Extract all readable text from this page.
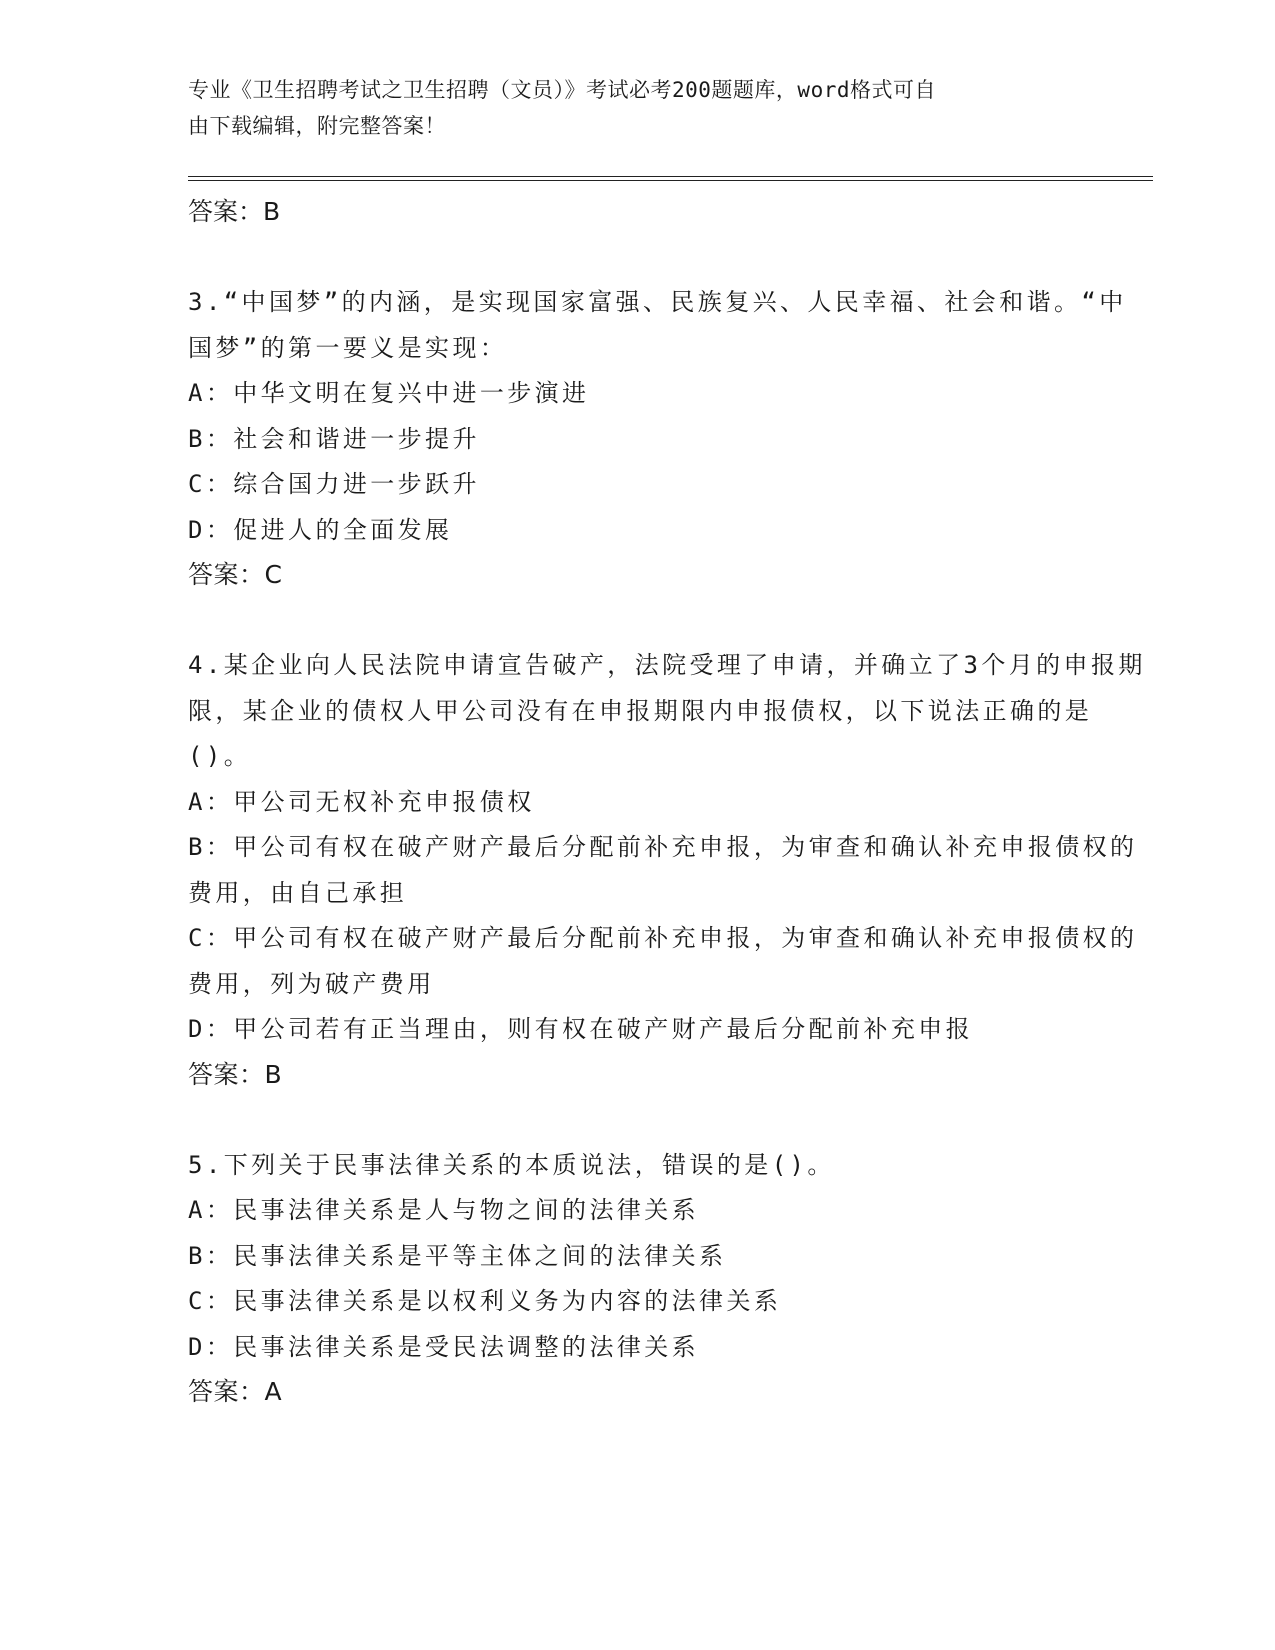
专业《卫生招聘考试之卫生招聘（文员）》考试必考200题题库，word格式可自
由下载编辑，附完整答案！
答案：B
3.“中国梦”的内涵，是实现国家富强、民族复兴、人民幸福、社会和谐。“中国梦”的第一要义是实现：
A：中华文明在复兴中进一步演进
B：社会和谐进一步提升
C：综合国力进一步跃升
D：促进人的全面发展
答案：C
4.某企业向人民法院申请宣告破产，法院受理了申请，并确立了3个月的申报期限，某企业的债权人甲公司没有在申报期限内申报债权，以下说法正确的是()。
A：甲公司无权补充申报债权
B：甲公司有权在破产财产最后分配前补充申报，为审查和确认补充申报债权的费用，由自己承担
C：甲公司有权在破产财产最后分配前补充申报，为审查和确认补充申报债权的费用，列为破产费用
D：甲公司若有正当理由，则有权在破产财产最后分配前补充申报
答案：B
5.下列关于民事法律关系的本质说法，错误的是()。
A：民事法律关系是人与物之间的法律关系
B：民事法律关系是平等主体之间的法律关系
C：民事法律关系是以权利义务为内容的法律关系
D：民事法律关系是受民法调整的法律关系
答案：A
